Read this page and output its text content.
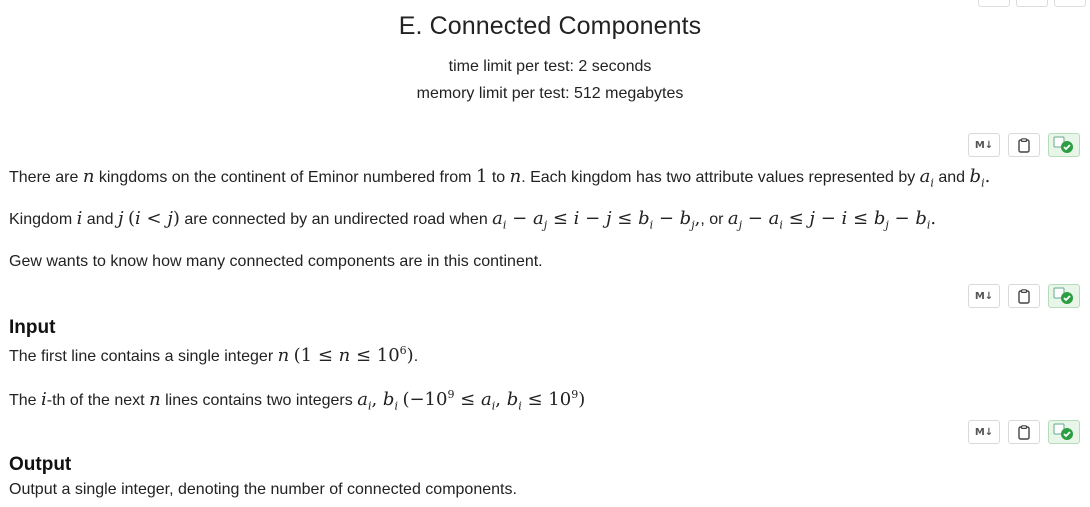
E. Connected Components
time limit per test: 2 seconds
memory limit per test: 512 megabytes
M↓
There are n kingdoms on the continent of Eminor numbered from 1 to n. Each kingdom has two attribute values represented by $a_i$ and $b_i$.
Kingdom i and j (i < j) are connected by an undirected road when $a_i - a_j \le i - j \le b_i - b_j$,, or $a_j - a_i \le j - i \le b_j - b_i$.
Gew wants to know how many connected components are in this continent.
M↓
Input
The first line contains a single integer n $(1 \le n \le 10^6)$.
The i-th of the next n lines contains two integers $a_i$, $b_i$ ($-10^9 \le a_i$, $b_i \le 10^9$)
M↓
Output
Output a single integer, denoting the number of connected components.
